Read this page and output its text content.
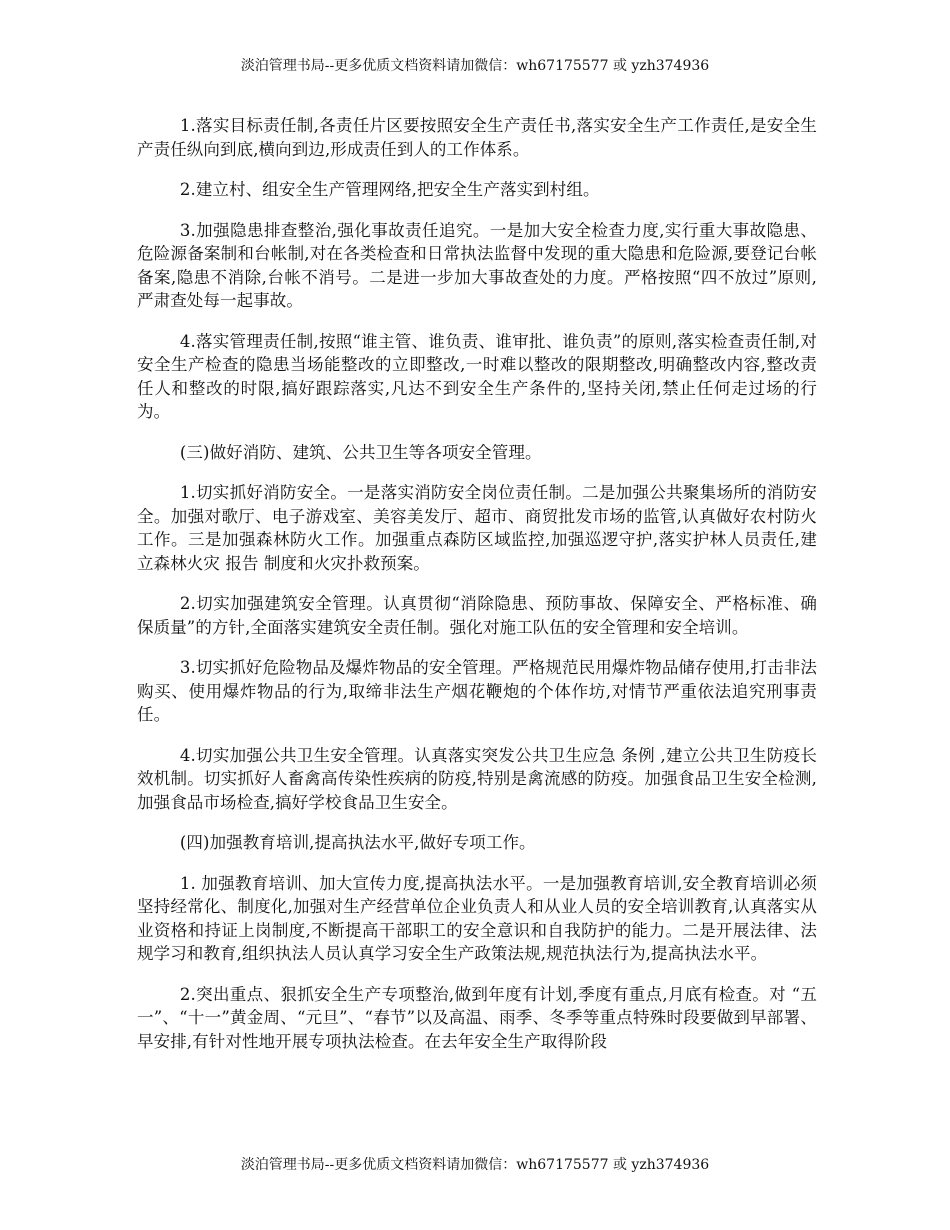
淡泊管理书局--更多优质文档资料请加微信：wh67175577 或 yzh374936

1.落实目标责任制,各责任片区要按照安全生产责任书,落实安全生产工作责任,是安全生产责任纵向到底,横向到边,形成责任到人的工作体系。

2.建立村、组安全生产管理网络,把安全生产落实到村组。

3.加强隐患排查整治,强化事故责任追究。一是加大安全检查力度,实行重大事故隐患、危险源备案制和台帐制,对在各类检查和日常执法监督中发现的重大隐患和危险源,要登记台帐备案,隐患不消除,台帐不消号。二是进一步加大事故查处的力度。严格按照“四不放过”原则,严肃查处每一起事故。

4.落实管理责任制,按照“谁主管、谁负责、谁审批、谁负责”的原则,落实检查责任制,对安全生产检查的隐患当场能整改的立即整改,一时难以整改的限期整改,明确整改内容,整改责任人和整改的时限,搞好跟踪落实,凡达不到安全生产条件的,坚持关闭,禁止任何走过场的行为。

(三)做好消防、建筑、公共卫生等各项安全管理。

1.切实抓好消防安全。一是落实消防安全岗位责任制。二是加强公共聚集场所的消防安全。加强对歌厅、电子游戏室、美容美发厅、超市、商贸批发市场的监管,认真做好农村防火工作。三是加强森林防火工作。加强重点森防区域监控,加强巡逻守护,落实护林人员责任,建立森林火灾 报告 制度和火灾扑救预案。

2.切实加强建筑安全管理。认真贯彻“消除隐患、预防事故、保障安全、严格标准、确保质量”的方针,全面落实建筑安全责任制。强化对施工队伍的安全管理和安全培训。

3.切实抓好危险物品及爆炸物品的安全管理。严格规范民用爆炸物品储存使用,打击非法购买、使用爆炸物品的行为,取缔非法生产烟花鞭炮的个体作坊,对情节严重依法追究刑事责任。

4.切实加强公共卫生安全管理。认真落实突发公共卫生应急 条例 ,建立公共卫生防疫长效机制。切实抓好人畜禽高传染性疾病的防疫,特别是禽流感的防疫。加强食品卫生安全检测,加强食品市场检查,搞好学校食品卫生安全。

(四)加强教育培训,提高执法水平,做好专项工作。

1. 加强教育培训、加大宣传力度,提高执法水平。一是加强教育培训,安全教育培训必须坚持经常化、制度化,加强对生产经营单位企业负责人和从业人员的安全培训教育,认真落实从业资格和持证上岗制度,不断提高干部职工的安全意识和自我防护的能力。二是开展法律、法规学习和教育,组织执法人员认真学习安全生产政策法规,规范执法行为,提高执法水平。

2.突出重点、狠抓安全生产专项整治,做到年度有计划,季度有重点,月底有检查。对 “五一”、“十一”黄金周、“元旦”、“春节”以及高温、雨季、冬季等重点特殊时段要做到早部署、早安排,有针对性地开展专项执法检查。在去年安全生产取得阶段

淡泊管理书局--更多优质文档资料请加微信：wh67175577 或 yzh374936
